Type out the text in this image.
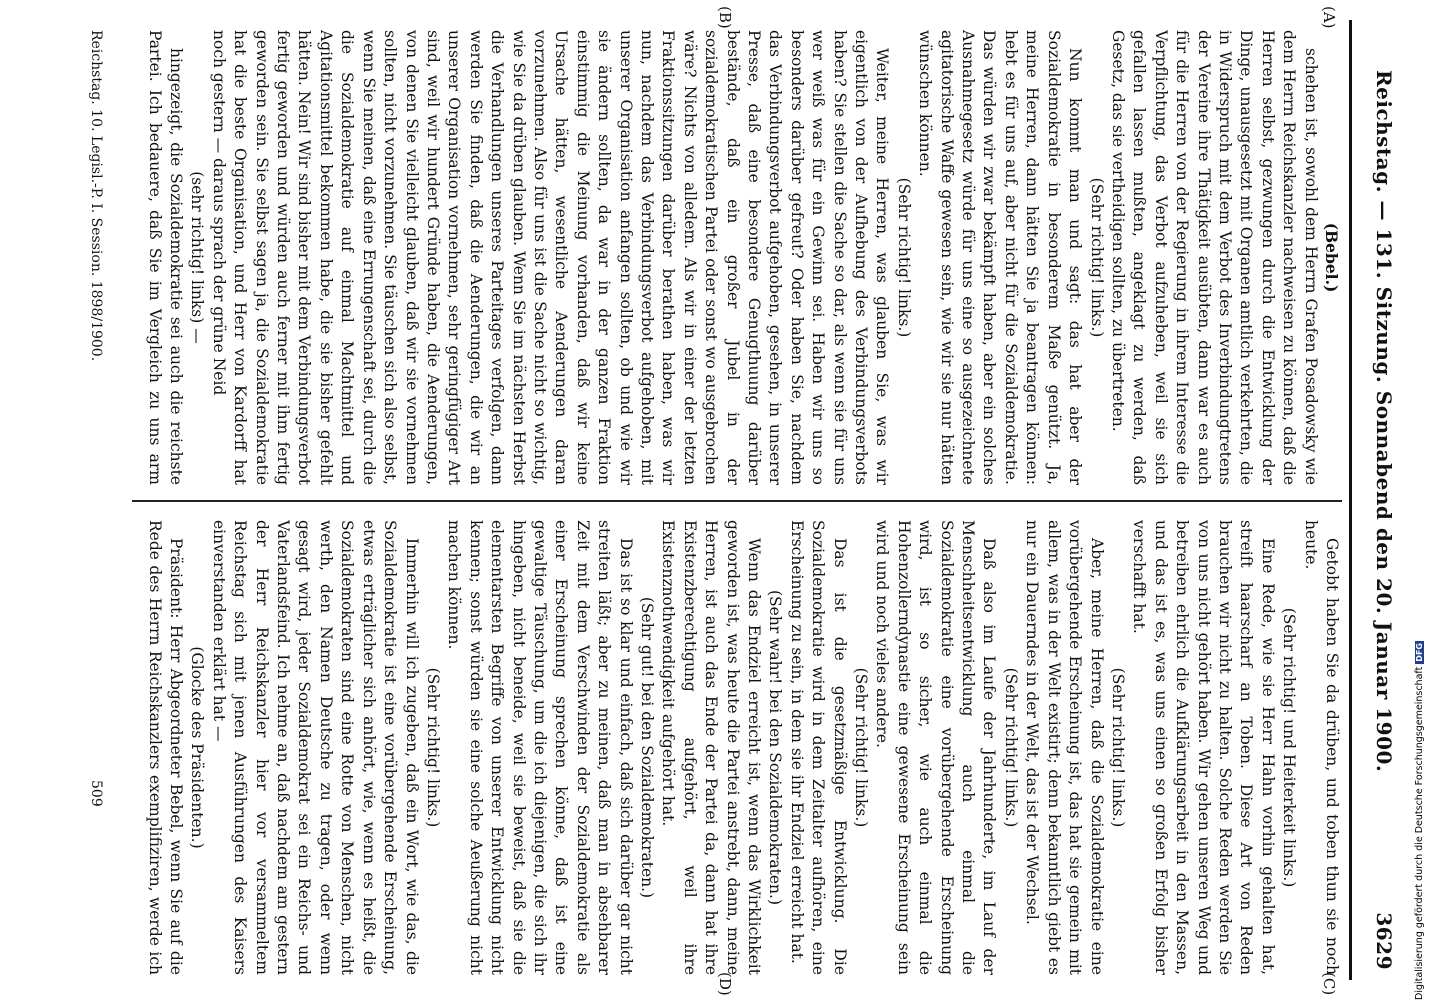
Reichstag. — 131. Sitzung. Sonnabend den 20. Januar 1900.
3629
(A)
(B)
(C)
(D)

(Bebel.)

schehen ist, sowohl dem Herrn Grafen Posadowsky wie dem Herrn Reichskanzler nachweisen zu können, daß die Herren selbst, gezwungen durch die Entwicklung der Dinge, unausgesetzt mit Organen amtlich verkehrten, die in Widerspruch mit dem Verbot des Inverbindungtretens der Vereine ihre Thätigkeit ausübten, dann war es auch für die Herren von der Regierung in ihrem Interesse die Verpflichtung, das Verbot aufzuheben, weil sie sich gefallen lassen mußten, angeklagt zu werden, daß Gesetz, das sie vertheidigen sollten, zu übertreten.

(Sehr richtig! links.)

Nun kommt man und sagt: das hat aber der Sozialdemokratie in besonderem Maße genützt. Ja, meine Herren, dann hätten Sie ja beantragen können: hebt es für uns auf, aber nicht für die Sozialdemokratie. Das würden wir zwar bekämpft haben, aber ein solches Ausnahmegesetz würde für uns eine so ausgezeichnete agitatorische Waffe gewesen sein, wie wir sie nur hätten wünschen können.

(Sehr richtig! links.)

Weiter, meine Herren, was glauben Sie, was wir eigentlich von der Aufhebung des Verbindungsverbots haben? Sie stellen die Sache so dar, als wenn sie für uns wer weiß was für ein Gewinn sei. Haben wir uns so besonders darüber gefreut? Oder haben Sie, nachdem das Verbindungsverbot aufgehoben, gesehen, in unserer Presse, daß eine besondere Genugthuung darüber bestände, daß ein großer Jubel in der sozialdemokratischen Partei oder sonst wo ausgebrochen wäre? Nichts von alledem. Als wir in einer der letzten Fraktionssitzungen darüber berathen haben, was wir nun, nachdem das Verbindungsverbot aufgehoben, mit unserer Organisation anfangen sollten, ob und wie wir sie ändern sollten, da war in der ganzen Fraktion einstimmig die Meinung vorhanden, daß wir keine Ursache hätten, wesentliche Aenderungen daran vorzunehmen. Also für uns ist die Sache nicht so wichtig, wie Sie da drüben glauben. Wenn Sie im nächsten Herbst die Verhandlungen unseres Parteitages verfolgen, dann werden Sie finden, daß die Aenderungen, die wir an unserer Organisation vornehmen, sehr geringfügiger Art sind, weil wir hundert Gründe haben, die Aenderungen, von denen Sie vielleicht glauben, daß wir sie vornehmen sollten, nicht vorzunehmen. Sie täuschen sich also selbst, wenn Sie meinen, daß eine Errungenschaft sei, durch die die Sozialdemokratie auf einmal Machtmittel und Agitationsmittel bekommen habe, die sie bisher gefehlt hätten. Nein! Wir sind bisher mit dem Verbindungsverbot fertig geworden und würden auch ferner mit ihm fertig geworden sein. Sie selbst sagen ja, die Sozialdemokratie hat die beste Organisation, und Herr von Kardorff hat noch gestern — daraus sprach der grüne Neid

(sehr richtig! links) —

hingezeigt, die Sozialdemokratie sei auch die reichste Partei. Ich bedauere, daß Sie im Vergleich zu uns arm

Getobt haben Sie da drüben, und toben thun sie noch heute.

(Sehr richtig! und Heiterkeit links.)

Eine Rede, wie sie Herr Hahn vorhin gehalten hat, streift haarscharf an Toben. Diese Art von Reden brauchen wir nicht zu halten. Solche Reden werden Sie von uns nicht gehört haben. Wir gehen unseren Weg und betreiben ehrlich die Aufklärungsarbeit in den Massen, und das ist es, was uns einen so großen Erfolg bisher verschafft hat.

(Sehr richtig! links.)

Aber, meine Herren, daß die Sozialdemokratie eine vorübergehende Erscheinung ist, das hat sie gemein mit allem, was in der Welt existirt; denn bekanntlich giebt es nur ein Dauerndes in der Welt, das ist der Wechsel.

(Sehr richtig! links.)

Daß also im Laufe der Jahrhunderte, im Lauf der Menschheitsentwicklung auch einmal die Sozialdemokratie eine vorübergehende Erscheinung wird, ist so sicher, wie auch einmal die Hohenzollerndynastie eine gewesene Erscheinung sein wird und noch vieles andere.

(Sehr richtig! links.)

Das ist die gesetzmäßige Entwicklung. Die Sozialdemokratie wird in dem Zeitalter aufhören, eine Erscheinung zu sein, in dem sie ihr Endziel erreicht hat.

(Sehr wahr! bei den Sozialdemokraten.)

Wenn das Endziel erreicht ist, wenn das Wirklichkeit geworden ist, was heute die Partei anstrebt, dann, meine Herren, ist auch das Ende der Partei da, dann hat ihre Existenzberechtigung aufgehört, weil ihre Existenznothwendigkeit aufgehört hat.

(Sehr gut! bei den Sozialdemokraten.)

Das ist so klar und einfach, daß sich darüber gar nicht streiten läßt; aber zu meinen, daß man in absehbarer Zeit mit dem Verschwinden der Sozialdemokratie als einer Erscheinung sprechen könne, daß ist eine gewaltige Täuschung, um die ich diejenigen, die sich ihr hingeben, nicht beneide, weil sie beweist, daß sie die elementarsten Begriffe von unserer Entwicklung nicht kennen; sonst würden sie eine solche Aeußerung nicht machen können.

(Sehr richtig! links.)

Immerhin will ich zugeben, daß ein Wort, wie das, die Sozialdemokratie ist eine vorübergehende Erscheinung, etwas erträglicher sich anhört, wie, wenn es heißt, die Sozialdemokraten sind eine Rotte von Menschen, nicht werth, den Namen Deutsche zu tragen, oder wenn gesagt wird, jeder Sozialdemokrat sei ein Reichs- und Vaterlandsfeind. Ich nehme an, daß nachdem am gestern der Herr Reichskanzler hier vor versammeltem Reichstag sich mit jenen Ausführungen des Kaisers einverstanden erklärt hat —

(Glocke des Präsidenten.)

Präsident: Herr Abgeordneter Bebel, wenn Sie auf die Rede des Herrn Reichskanzlers exemplifiziren, werde ich

Reichstag. 10. Legisl.-P. I. Session. 1898/1900.
509	Digitalisierung gefördert durch die Deutsche ForschungsgemeinschaftDFG
